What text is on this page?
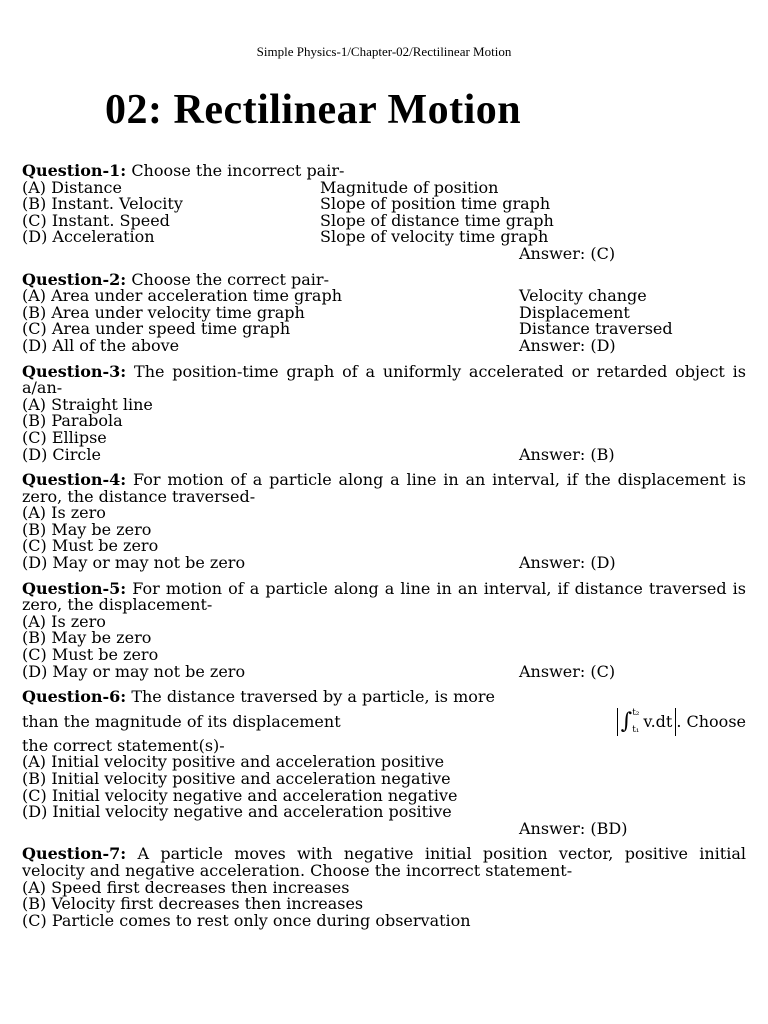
Simple Physics-1/Chapter-02/Rectilinear Motion
02: Rectilinear Motion
Question-1: Choose the incorrect pair-
(A) Distance	Magnitude of position
(B) Instant. Velocity	Slope of position time graph
(C) Instant. Speed	Slope of distance time graph
(D) Acceleration	Slope of velocity time graph
Answer: (C)
Question-2: Choose the correct pair-
(A) Area under acceleration time graph	Velocity change
(B) Area under velocity time graph	Displacement
(C) Area under speed time graph	Distance traversed
(D) All of the above	Answer: (D)
Question-3: The position-time graph of a uniformly accelerated or retarded object is a/an-
(A) Straight line
(B) Parabola
(C) Ellipse
(D) Circle	Answer: (B)
Question-4: For motion of a particle along a line in an interval, if the displacement is zero, the distance traversed-
(A) Is zero
(B) May be zero
(C) Must be zero
(D) May or may not be zero	Answer: (D)
Question-5: For motion of a particle along a line in an interval, if distance traversed is zero, the displacement-
(A) Is zero
(B) May be zero
(C) Must be zero
(D) May or may not be zero	Answer: (C)
Question-6: The distance traversed by a particle, is more
than the magnitude of its displacement	∫ t₂
t₁ v.dt . Choose
the correct statement(s)-
(A) Initial velocity positive and acceleration positive
(B) Initial velocity positive and acceleration negative
(C) Initial velocity negative and acceleration negative
(D) Initial velocity negative and acceleration positive
Answer: (BD)
Question-7: A particle moves with negative initial position vector, positive initial velocity and negative acceleration. Choose the incorrect statement-
(A) Speed first decreases then increases
(B) Velocity first decreases then increases
(C) Particle comes to rest only once during observation
